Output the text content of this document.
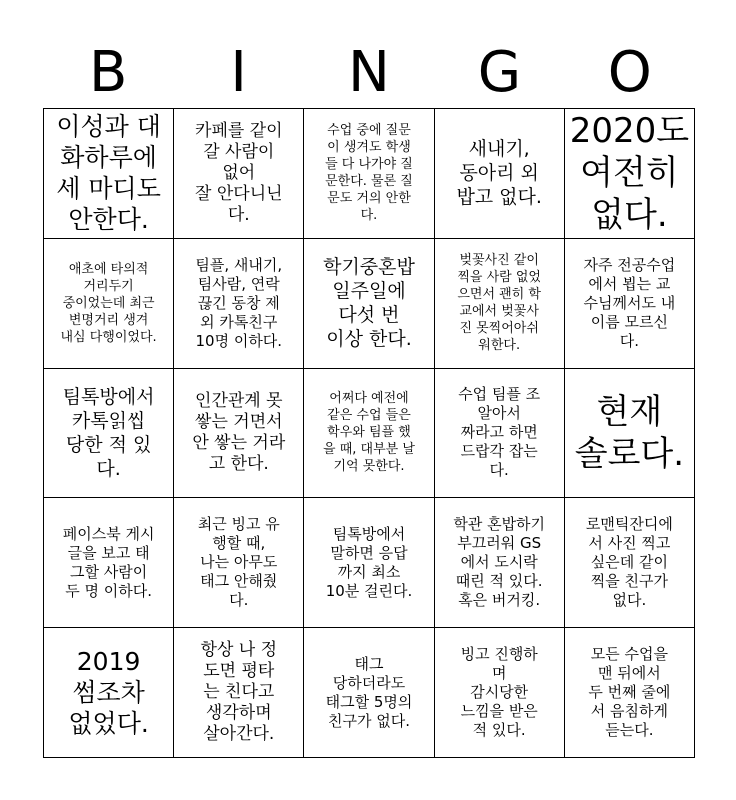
B	I	N	G	O
이성과 대
화하루에
세 마디도
안한다.
카페를 같이
갈 사람이
없어
잘 안다니닌
다.
수업 중에 질문
이 생겨도 학생
들 다 나가야 질
문한다. 물론 질
문도 거의 안한
다.
새내기,
동아리 외
밥고 없다.
2020도
여전히
없다.
애초에 타의적
거리두기
중이었는데 최근
변명거리 생겨
내심 다행이었다.
팀플, 새내기,
팀사람, 연락
끊긴 동창 제
외 카톡친구
10명 이하다.
학기중혼밥
일주일에
다섯 번
이상 한다.
벚꽃사진 같이
찍을 사람 없었
으면서 괜히 학
교에서 벚꽃사
진 못찍어아쉬
워한다.
자주 전공수업
에서 뵙는 교
수님께서도 내
이름 모르신
다.
팀톡방에서
카톡읽씹
당한 적 있
다.
인간관계 못
쌓는 거면서
안 쌓는 거라
고 한다.
어쩌다 예전에
같은 수업 들은
학우와 팀플 했
을 때, 대부분 날
기억 못한다.
수업 팀플 조
알아서
짜라고 하면
드랍각 잡는
다.
현재
솔로다.
페이스북 게시
글을 보고 태
그할 사람이
두 명 이하다.
최근 빙고 유
행할 때,
나는 아무도
태그 안해줬
다.
팀톡방에서
말하면 응답
까지 최소
10분 걸린다.
학관 혼밥하기
부끄러워 GS
에서 도시락
때린 적 있다.
혹은 버거킹.
로맨틱잔디에
서 사진 찍고
싶은데 같이
찍을 친구가
없다.
2019
썸조차
없었다.
항상 나 정
도면 평타
는 친다고
생각하며
살아간다.
태그
당하더라도
태그할 5명의
친구가 없다.
빙고 진행하
며
감시당한
느낌을 받은
적 있다.
모든 수업을
맨 뒤에서
두 번째 줄에
서 음침하게
듣는다.
